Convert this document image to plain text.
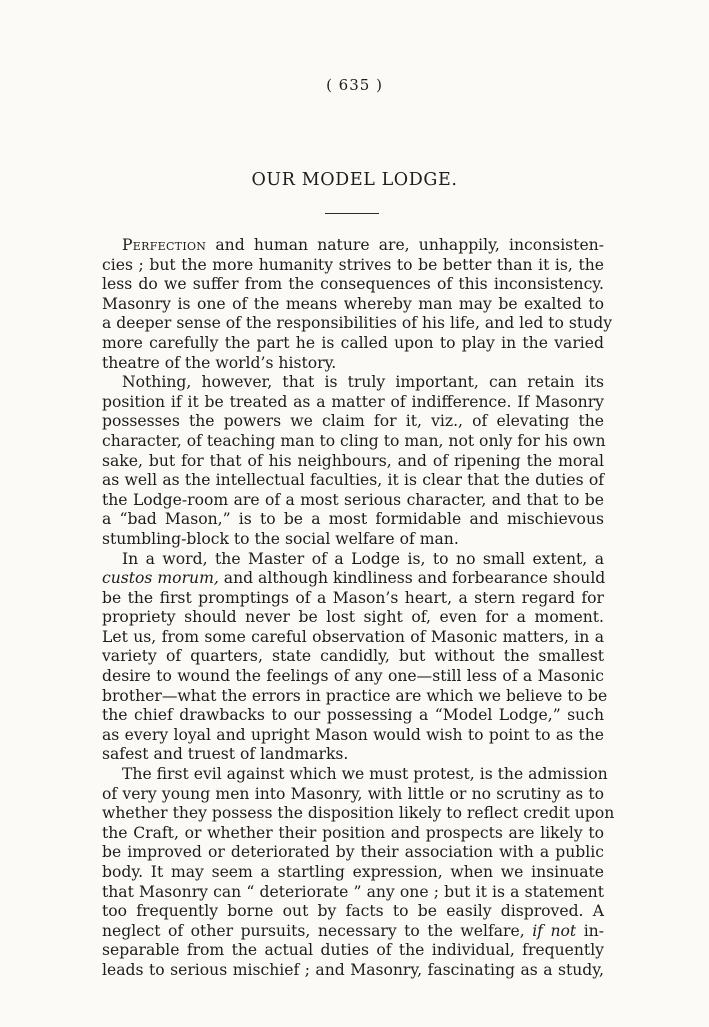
( 635 )
OUR MODEL LODGE.
Perfection and human nature are, unhappily, inconsisten-
cies ; but the more humanity strives to be better than it is, the
less do we suffer from the consequences of this inconsistency.
Masonry is one of the means whereby man may be exalted to
a deeper sense of the responsibilities of his life, and led to study
more carefully the part he is called upon to play in the varied
theatre of the world’s history.
Nothing, however, that is truly important, can retain its
position if it be treated as a matter of indifference. If Masonry
possesses the powers we claim for it, viz., of elevating the
character, of teaching man to cling to man, not only for his own
sake, but for that of his neighbours, and of ripening the moral
as well as the intellectual faculties, it is clear that the duties of
the Lodge-room are of a most serious character, and that to be
a “bad Mason,” is to be a most formidable and mischievous
stumbling-block to the social welfare of man.
In a word, the Master of a Lodge is, to no small extent, a
custos morum, and although kindliness and forbearance should
be the first promptings of a Mason’s heart, a stern regard for
propriety should never be lost sight of, even for a moment.
Let us, from some careful observation of Masonic matters, in a
variety of quarters, state candidly, but without the smallest
desire to wound the feelings of any one—still less of a Masonic
brother—what the errors in practice are which we believe to be
the chief drawbacks to our possessing a “Model Lodge,” such
as every loyal and upright Mason would wish to point to as the
safest and truest of landmarks.
The first evil against which we must protest, is the admission
of very young men into Masonry, with little or no scrutiny as to
whether they possess the disposition likely to reflect credit upon
the Craft, or whether their position and prospects are likely to
be improved or deteriorated by their association with a public
body. It may seem a startling expression, when we insinuate
that Masonry can “ deteriorate ” any one ; but it is a statement
too frequently borne out by facts to be easily disproved. A
neglect of other pursuits, necessary to the welfare, if not in-
separable from the actual duties of the individual, frequently
leads to serious mischief ; and Masonry, fascinating as a study,
